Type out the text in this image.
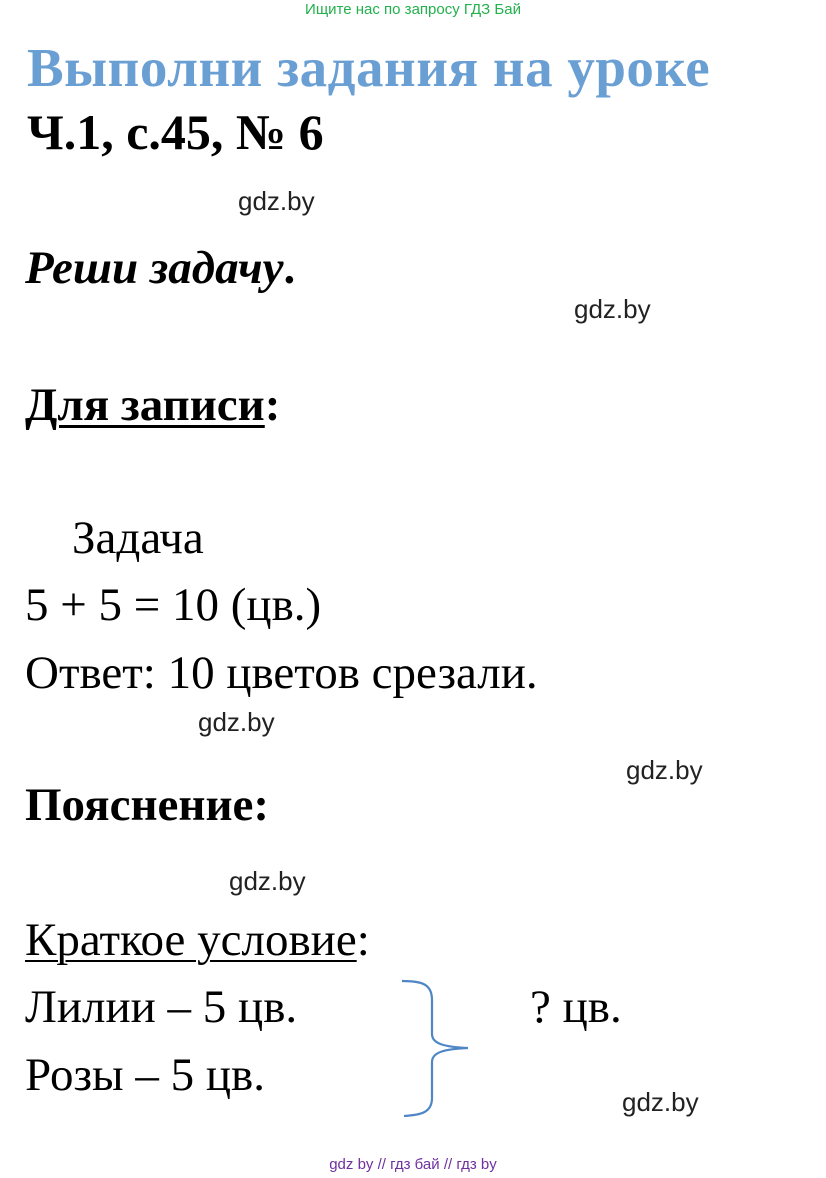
Ищите нас по запросу ГДЗ Бай
Выполни задания на уроке
Ч.1, с.45, № 6
gdz.by
Реши задачу.
gdz.by
Для записи:
Задача
5 + 5 = 10 (цв.)
Ответ: 10 цветов срезали.
gdz.by
gdz.by
Пояснение:
gdz.by
Краткое условие:
Лилии – 5 цв.	? цв.
Розы – 5 цв.
gdz.by
gdz by // гдз бай // гдз by
